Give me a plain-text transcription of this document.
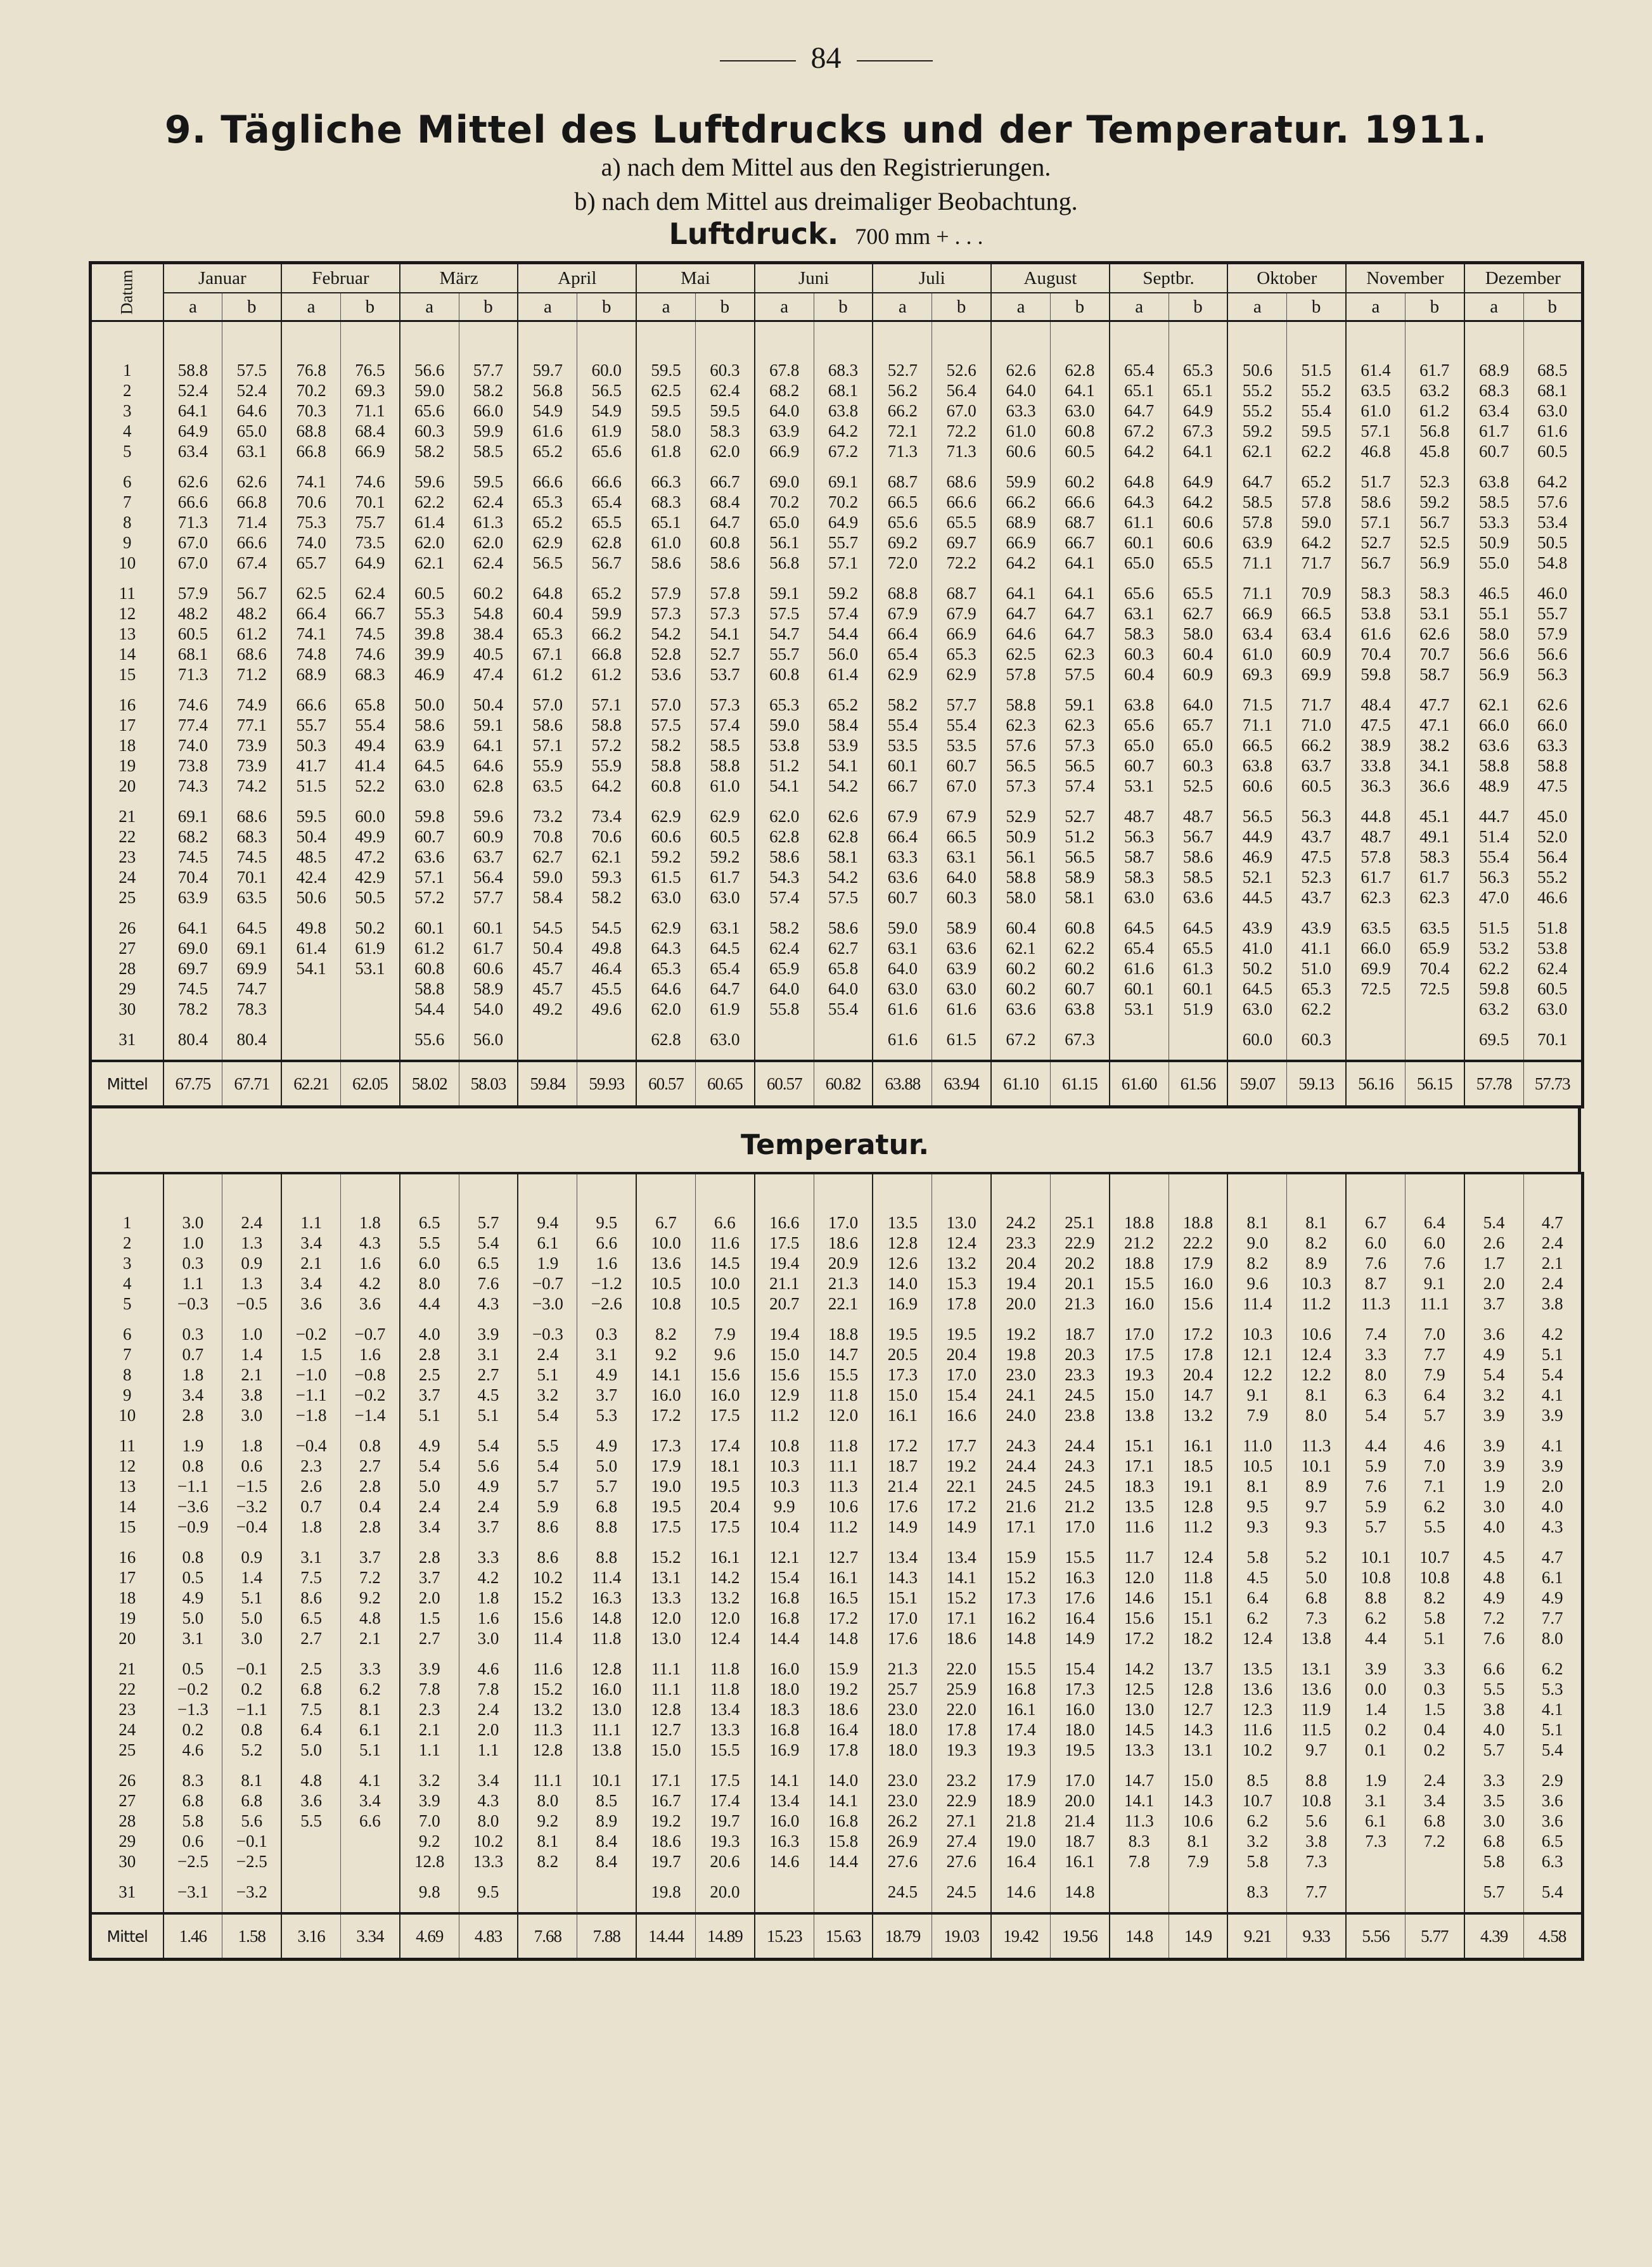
84
9. Tägliche Mittel des Luftdrucks und der Temperatur. 1911.
a) nach dem Mittel aus den Registrierungen.
b) nach dem Mittel aus dreimaliger Beobachtung.
Luftdruck. 700 mm + . . .
Datum	Januar		Februar		März		April		Mai		Juni		Juli		August		Septbr.		Oktober		November		Dezember	
	a	b	a	b	a	b	a	b	a	b	a	b	a	b	a	b	a	b	a	b	a	b	a	b

1	58.8	57.5	76.8	76.5	56.6	57.7	59.7	60.0	59.5	60.3	67.8	68.3	52.7	52.6	62.6	62.8	65.4	65.3	50.6	51.5	61.4	61.7	68.9	68.5
2	52.4	52.4	70.2	69.3	59.0	58.2	56.8	56.5	62.5	62.4	68.2	68.1	56.2	56.4	64.0	64.1	65.1	65.1	55.2	55.2	63.5	63.2	68.3	68.1
3	64.1	64.6	70.3	71.1	65.6	66.0	54.9	54.9	59.5	59.5	64.0	63.8	66.2	67.0	63.3	63.0	64.7	64.9	55.2	55.4	61.0	61.2	63.4	63.0
4	64.9	65.0	68.8	68.4	60.3	59.9	61.6	61.9	58.0	58.3	63.9	64.2	72.1	72.2	61.0	60.8	67.2	67.3	59.2	59.5	57.1	56.8	61.7	61.6
5	63.4	63.1	66.8	66.9	58.2	58.5	65.2	65.6	61.8	62.0	66.9	67.2	71.3	71.3	60.6	60.5	64.2	64.1	62.1	62.2	46.8	45.8	60.7	60.5

6	62.6	62.6	74.1	74.6	59.6	59.5	66.6	66.6	66.3	66.7	69.0	69.1	68.7	68.6	59.9	60.2	64.8	64.9	64.7	65.2	51.7	52.3	63.8	64.2
7	66.6	66.8	70.6	70.1	62.2	62.4	65.3	65.4	68.3	68.4	70.2	70.2	66.5	66.6	66.2	66.6	64.3	64.2	58.5	57.8	58.6	59.2	58.5	57.6
8	71.3	71.4	75.3	75.7	61.4	61.3	65.2	65.5	65.1	64.7	65.0	64.9	65.6	65.5	68.9	68.7	61.1	60.6	57.8	59.0	57.1	56.7	53.3	53.4
9	67.0	66.6	74.0	73.5	62.0	62.0	62.9	62.8	61.0	60.8	56.1	55.7	69.2	69.7	66.9	66.7	60.1	60.6	63.9	64.2	52.7	52.5	50.9	50.5
10	67.0	67.4	65.7	64.9	62.1	62.4	56.5	56.7	58.6	58.6	56.8	57.1	72.0	72.2	64.2	64.1	65.0	65.5	71.1	71.7	56.7	56.9	55.0	54.8

11	57.9	56.7	62.5	62.4	60.5	60.2	64.8	65.2	57.9	57.8	59.1	59.2	68.8	68.7	64.1	64.1	65.6	65.5	71.1	70.9	58.3	58.3	46.5	46.0
12	48.2	48.2	66.4	66.7	55.3	54.8	60.4	59.9	57.3	57.3	57.5	57.4	67.9	67.9	64.7	64.7	63.1	62.7	66.9	66.5	53.8	53.1	55.1	55.7
13	60.5	61.2	74.1	74.5	39.8	38.4	65.3	66.2	54.2	54.1	54.7	54.4	66.4	66.9	64.6	64.7	58.3	58.0	63.4	63.4	61.6	62.6	58.0	57.9
14	68.1	68.6	74.8	74.6	39.9	40.5	67.1	66.8	52.8	52.7	55.7	56.0	65.4	65.3	62.5	62.3	60.3	60.4	61.0	60.9	70.4	70.7	56.6	56.6
15	71.3	71.2	68.9	68.3	46.9	47.4	61.2	61.2	53.6	53.7	60.8	61.4	62.9	62.9	57.8	57.5	60.4	60.9	69.3	69.9	59.8	58.7	56.9	56.3

16	74.6	74.9	66.6	65.8	50.0	50.4	57.0	57.1	57.0	57.3	65.3	65.2	58.2	57.7	58.8	59.1	63.8	64.0	71.5	71.7	48.4	47.7	62.1	62.6
17	77.4	77.1	55.7	55.4	58.6	59.1	58.6	58.8	57.5	57.4	59.0	58.4	55.4	55.4	62.3	62.3	65.6	65.7	71.1	71.0	47.5	47.1	66.0	66.0
18	74.0	73.9	50.3	49.4	63.9	64.1	57.1	57.2	58.2	58.5	53.8	53.9	53.5	53.5	57.6	57.3	65.0	65.0	66.5	66.2	38.9	38.2	63.6	63.3
19	73.8	73.9	41.7	41.4	64.5	64.6	55.9	55.9	58.8	58.8	51.2	54.1	60.1	60.7	56.5	56.5	60.7	60.3	63.8	63.7	33.8	34.1	58.8	58.8
20	74.3	74.2	51.5	52.2	63.0	62.8	63.5	64.2	60.8	61.0	54.1	54.2	66.7	67.0	57.3	57.4	53.1	52.5	60.6	60.5	36.3	36.6	48.9	47.5

21	69.1	68.6	59.5	60.0	59.8	59.6	73.2	73.4	62.9	62.9	62.0	62.6	67.9	67.9	52.9	52.7	48.7	48.7	56.5	56.3	44.8	45.1	44.7	45.0
22	68.2	68.3	50.4	49.9	60.7	60.9	70.8	70.6	60.6	60.5	62.8	62.8	66.4	66.5	50.9	51.2	56.3	56.7	44.9	43.7	48.7	49.1	51.4	52.0
23	74.5	74.5	48.5	47.2	63.6	63.7	62.7	62.1	59.2	59.2	58.6	58.1	63.3	63.1	56.1	56.5	58.7	58.6	46.9	47.5	57.8	58.3	55.4	56.4
24	70.4	70.1	42.4	42.9	57.1	56.4	59.0	59.3	61.5	61.7	54.3	54.2	63.6	64.0	58.8	58.9	58.3	58.5	52.1	52.3	61.7	61.7	56.3	55.2
25	63.9	63.5	50.6	50.5	57.2	57.7	58.4	58.2	63.0	63.0	57.4	57.5	60.7	60.3	58.0	58.1	63.0	63.6	44.5	43.7	62.3	62.3	47.0	46.6

26	64.1	64.5	49.8	50.2	60.1	60.1	54.5	54.5	62.9	63.1	58.2	58.6	59.0	58.9	60.4	60.8	64.5	64.5	43.9	43.9	63.5	63.5	51.5	51.8
27	69.0	69.1	61.4	61.9	61.2	61.7	50.4	49.8	64.3	64.5	62.4	62.7	63.1	63.6	62.1	62.2	65.4	65.5	41.0	41.1	66.0	65.9	53.2	53.8
28	69.7	69.9	54.1	53.1	60.8	60.6	45.7	46.4	65.3	65.4	65.9	65.8	64.0	63.9	60.2	60.2	61.6	61.3	50.2	51.0	69.9	70.4	62.2	62.4
29	74.5	74.7			58.8	58.9	45.7	45.5	64.6	64.7	64.0	64.0	63.0	63.0	60.2	60.7	60.1	60.1	64.5	65.3	72.5	72.5	59.8	60.5
30	78.2	78.3			54.4	54.0	49.2	49.6	62.0	61.9	55.8	55.4	61.6	61.6	63.6	63.8	53.1	51.9	63.0	62.2			63.2	63.0

31	80.4	80.4			55.6	56.0			62.8	63.0			61.6	61.5	67.2	67.3			60.0	60.3			69.5	70.1

Mittel	67.75	67.71	62.21	62.05	58.02	58.03	59.84	59.93	60.57	60.65	60.57	60.82	63.88	63.94	61.10	61.15	61.60	61.56	59.07	59.13	56.16	56.15	57.78	57.73
Temperatur.

1	3.0	2.4	1.1	1.8	6.5	5.7	9.4	9.5	6.7	6.6	16.6	17.0	13.5	13.0	24.2	25.1	18.8	18.8	8.1	8.1	6.7	6.4	5.4	4.7
2	1.0	1.3	3.4	4.3	5.5	5.4	6.1	6.6	10.0	11.6	17.5	18.6	12.8	12.4	23.3	22.9	21.2	22.2	9.0	8.2	6.0	6.0	2.6	2.4
3	0.3	0.9	2.1	1.6	6.0	6.5	1.9	1.6	13.6	14.5	19.4	20.9	12.6	13.2	20.4	20.2	18.8	17.9	8.2	8.9	7.6	7.6	1.7	2.1
4	1.1	1.3	3.4	4.2	8.0	7.6	−0.7	−1.2	10.5	10.0	21.1	21.3	14.0	15.3	19.4	20.1	15.5	16.0	9.6	10.3	8.7	9.1	2.0	2.4
5	−0.3	−0.5	3.6	3.6	4.4	4.3	−3.0	−2.6	10.8	10.5	20.7	22.1	16.9	17.8	20.0	21.3	16.0	15.6	11.4	11.2	11.3	11.1	3.7	3.8

6	0.3	1.0	−0.2	−0.7	4.0	3.9	−0.3	0.3	8.2	7.9	19.4	18.8	19.5	19.5	19.2	18.7	17.0	17.2	10.3	10.6	7.4	7.0	3.6	4.2
7	0.7	1.4	1.5	1.6	2.8	3.1	2.4	3.1	9.2	9.6	15.0	14.7	20.5	20.4	19.8	20.3	17.5	17.8	12.1	12.4	3.3	7.7	4.9	5.1
8	1.8	2.1	−1.0	−0.8	2.5	2.7	5.1	4.9	14.1	15.6	15.6	15.5	17.3	17.0	23.0	23.3	19.3	20.4	12.2	12.2	8.0	7.9	5.4	5.4
9	3.4	3.8	−1.1	−0.2	3.7	4.5	3.2	3.7	16.0	16.0	12.9	11.8	15.0	15.4	24.1	24.5	15.0	14.7	9.1	8.1	6.3	6.4	3.2	4.1
10	2.8	3.0	−1.8	−1.4	5.1	5.1	5.4	5.3	17.2	17.5	11.2	12.0	16.1	16.6	24.0	23.8	13.8	13.2	7.9	8.0	5.4	5.7	3.9	3.9

11	1.9	1.8	−0.4	0.8	4.9	5.4	5.5	4.9	17.3	17.4	10.8	11.8	17.2	17.7	24.3	24.4	15.1	16.1	11.0	11.3	4.4	4.6	3.9	4.1
12	0.8	0.6	2.3	2.7	5.4	5.6	5.4	5.0	17.9	18.1	10.3	11.1	18.7	19.2	24.4	24.3	17.1	18.5	10.5	10.1	5.9	7.0	3.9	3.9
13	−1.1	−1.5	2.6	2.8	5.0	4.9	5.7	5.7	19.0	19.5	10.3	11.3	21.4	22.1	24.5	24.5	18.3	19.1	8.1	8.9	7.6	7.1	1.9	2.0
14	−3.6	−3.2	0.7	0.4	2.4	2.4	5.9	6.8	19.5	20.4	9.9	10.6	17.6	17.2	21.6	21.2	13.5	12.8	9.5	9.7	5.9	6.2	3.0	4.0
15	−0.9	−0.4	1.8	2.8	3.4	3.7	8.6	8.8	17.5	17.5	10.4	11.2	14.9	14.9	17.1	17.0	11.6	11.2	9.3	9.3	5.7	5.5	4.0	4.3

16	0.8	0.9	3.1	3.7	2.8	3.3	8.6	8.8	15.2	16.1	12.1	12.7	13.4	13.4	15.9	15.5	11.7	12.4	5.8	5.2	10.1	10.7	4.5	4.7
17	0.5	1.4	7.5	7.2	3.7	4.2	10.2	11.4	13.1	14.2	15.4	16.1	14.3	14.1	15.2	16.3	12.0	11.8	4.5	5.0	10.8	10.8	4.8	6.1
18	4.9	5.1	8.6	9.2	2.0	1.8	15.2	16.3	13.3	13.2	16.8	16.5	15.1	15.2	17.3	17.6	14.6	15.1	6.4	6.8	8.8	8.2	4.9	4.9
19	5.0	5.0	6.5	4.8	1.5	1.6	15.6	14.8	12.0	12.0	16.8	17.2	17.0	17.1	16.2	16.4	15.6	15.1	6.2	7.3	6.2	5.8	7.2	7.7
20	3.1	3.0	2.7	2.1	2.7	3.0	11.4	11.8	13.0	12.4	14.4	14.8	17.6	18.6	14.8	14.9	17.2	18.2	12.4	13.8	4.4	5.1	7.6	8.0

21	0.5	−0.1	2.5	3.3	3.9	4.6	11.6	12.8	11.1	11.8	16.0	15.9	21.3	22.0	15.5	15.4	14.2	13.7	13.5	13.1	3.9	3.3	6.6	6.2
22	−0.2	0.2	6.8	6.2	7.8	7.8	15.2	16.0	11.1	11.8	18.0	19.2	25.7	25.9	16.8	17.3	12.5	12.8	13.6	13.6	0.0	0.3	5.5	5.3
23	−1.3	−1.1	7.5	8.1	2.3	2.4	13.2	13.0	12.8	13.4	18.3	18.6	23.0	22.0	16.1	16.0	13.0	12.7	12.3	11.9	1.4	1.5	3.8	4.1
24	0.2	0.8	6.4	6.1	2.1	2.0	11.3	11.1	12.7	13.3	16.8	16.4	18.0	17.8	17.4	18.0	14.5	14.3	11.6	11.5	0.2	0.4	4.0	5.1
25	4.6	5.2	5.0	5.1	1.1	1.1	12.8	13.8	15.0	15.5	16.9	17.8	18.0	19.3	19.3	19.5	13.3	13.1	10.2	9.7	0.1	0.2	5.7	5.4

26	8.3	8.1	4.8	4.1	3.2	3.4	11.1	10.1	17.1	17.5	14.1	14.0	23.0	23.2	17.9	17.0	14.7	15.0	8.5	8.8	1.9	2.4	3.3	2.9
27	6.8	6.8	3.6	3.4	3.9	4.3	8.0	8.5	16.7	17.4	13.4	14.1	23.0	22.9	18.9	20.0	14.1	14.3	10.7	10.8	3.1	3.4	3.5	3.6
28	5.8	5.6	5.5	6.6	7.0	8.0	9.2	8.9	19.2	19.7	16.0	16.8	26.2	27.1	21.8	21.4	11.3	10.6	6.2	5.6	6.1	6.8	3.0	3.6
29	0.6	−0.1			9.2	10.2	8.1	8.4	18.6	19.3	16.3	15.8	26.9	27.4	19.0	18.7	8.3	8.1	3.2	3.8	7.3	7.2	6.8	6.5
30	−2.5	−2.5			12.8	13.3	8.2	8.4	19.7	20.6	14.6	14.4	27.6	27.6	16.4	16.1	7.8	7.9	5.8	7.3			5.8	6.3

31	−3.1	−3.2			9.8	9.5			19.8	20.0			24.5	24.5	14.6	14.8			8.3	7.7			5.7	5.4

Mittel	1.46	1.58	3.16	3.34	4.69	4.83	7.68	7.88	14.44	14.89	15.23	15.63	18.79	19.03	19.42	19.56	14.8	14.9	9.21	9.33	5.56	5.77	4.39	4.58
